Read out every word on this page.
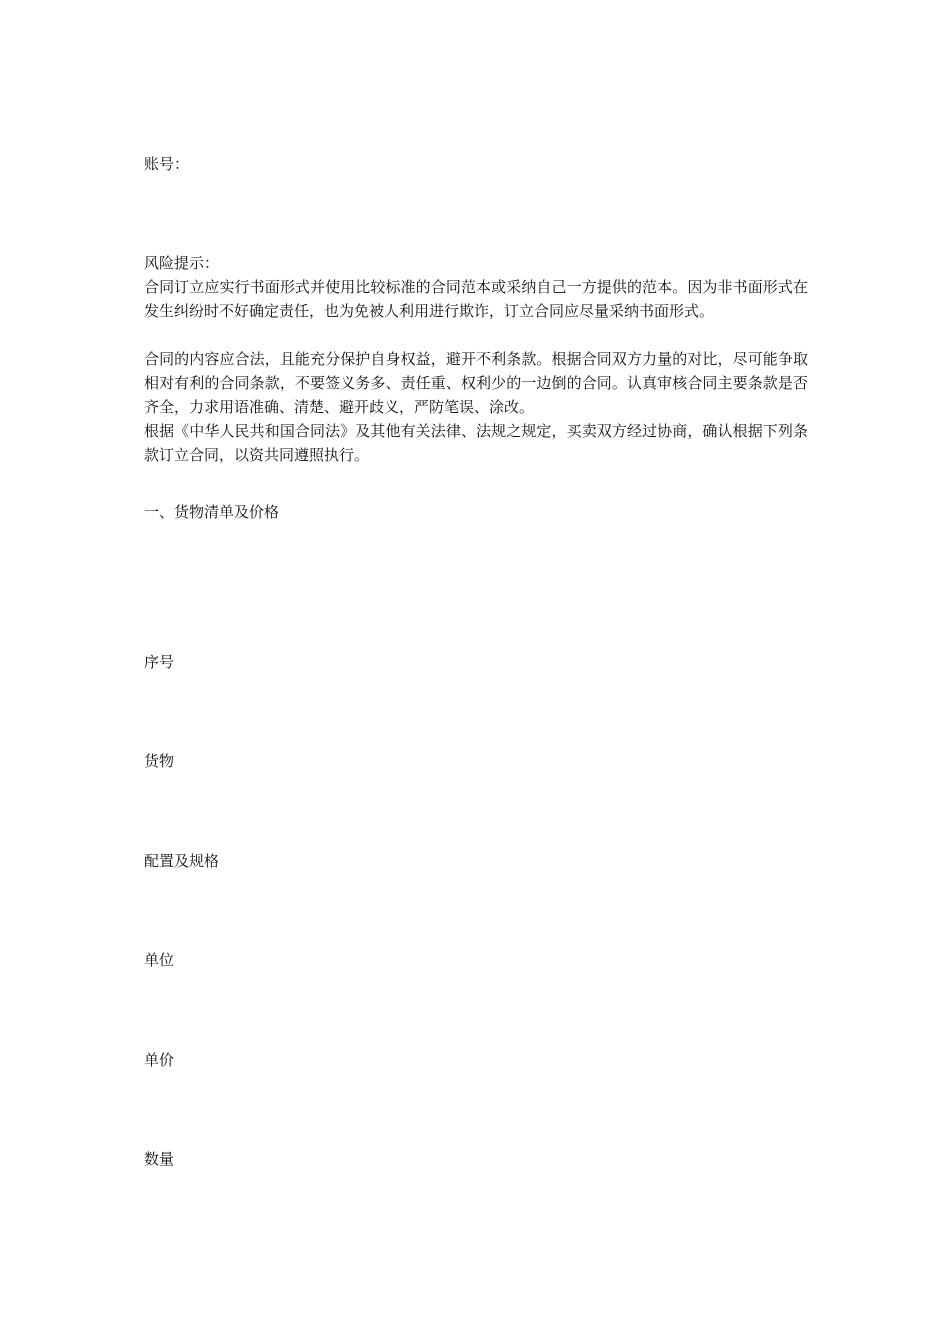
账号：
风险提示：
合同订立应实行书面形式并使用比较标准的合同范本或采纳自己一方提供的范本。因为非书面形式在发生纠纷时不好确定责任，也为免被人利用进行欺诈，订立合同应尽量采纳书面形式。
合同的内容应合法，且能充分保护自身权益，避开不利条款。根据合同双方力量的对比，尽可能争取相对有利的合同条款，不要签义务多、责任重、权利少的一边倒的合同。认真审核合同主要条款是否齐全，力求用语准确、清楚、避开歧义，严防笔误、涂改。
根据《中华人民共和国合同法》及其他有关法律、法规之规定，买卖双方经过协商，确认根据下列条款订立合同，以资共同遵照执行。
一、货物清单及价格
序号
货物
配置及规格
单位
单价
数量
